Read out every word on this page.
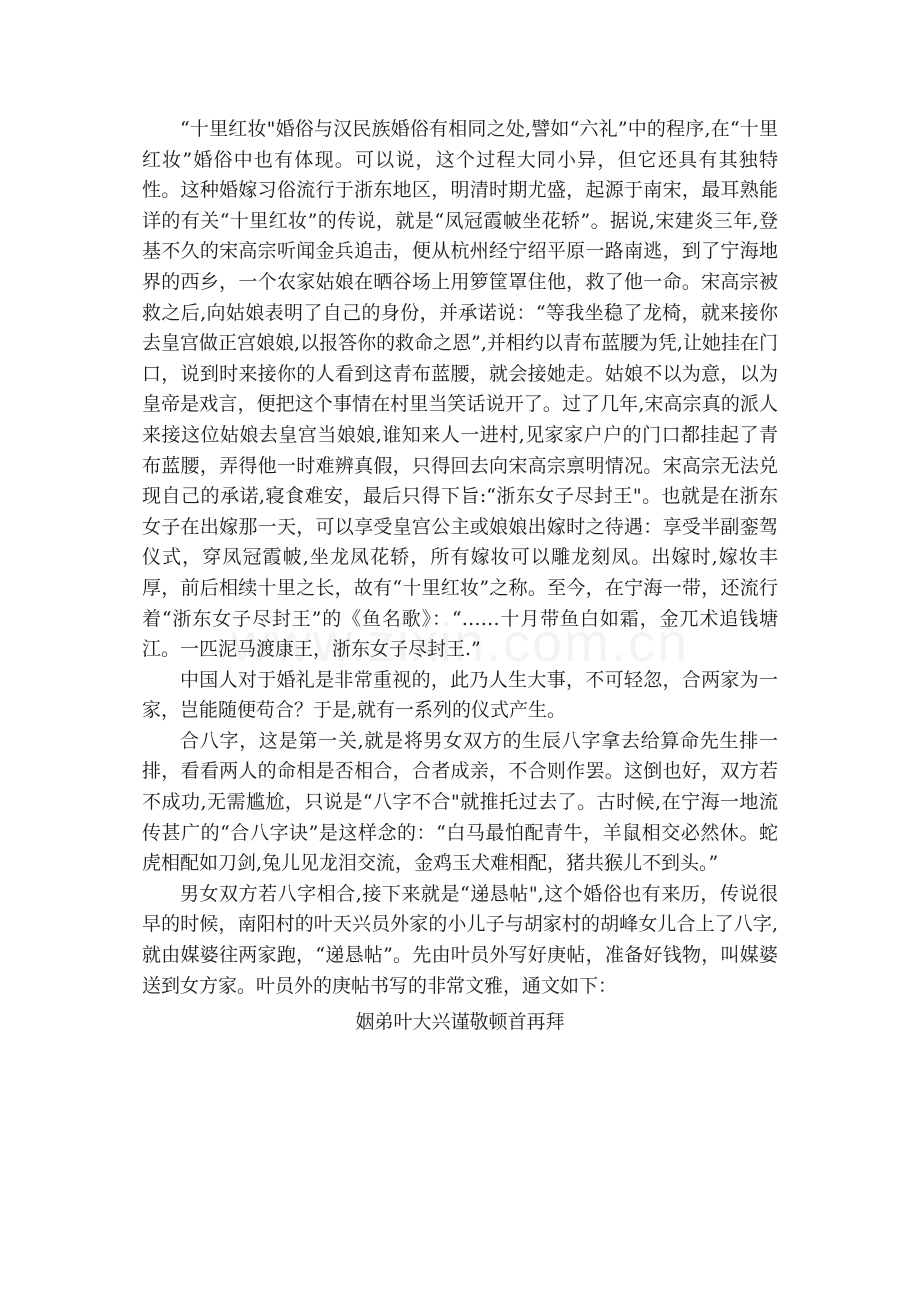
“十里红妆"婚俗与汉民族婚俗有相同之处,譬如“六礼”中的程序,在“十里红妆”婚俗中也有体现。可以说，这个过程大同小异，但它还具有其独特性。这种婚嫁习俗流行于浙东地区，明清时期尤盛，起源于南宋，最耳熟能详的有关“十里红妆”的传说，就是“凤冠霞帔坐花轿”。据说,宋建炎三年,登基不久的宋高宗听闻金兵追击，便从杭州经宁绍平原一路南逃，到了宁海地界的西乡，一个农家姑娘在晒谷场上用箩筐罩住他，救了他一命。宋高宗被救之后,向姑娘表明了自己的身份，并承诺说：“等我坐稳了龙椅，就来接你去皇宫做正宫娘娘,以报答你的救命之恩”,并相约以青布蓝腰为凭,让她挂在门口，说到时来接你的人看到这青布蓝腰，就会接她走。姑娘不以为意，以为皇帝是戏言，便把这个事情在村里当笑话说开了。过了几年,宋高宗真的派人来接这位姑娘去皇宫当娘娘,谁知来人一进村,见家家户户的门口都挂起了青布蓝腰，弄得他一时难辨真假，只得回去向宋高宗禀明情况。宋高宗无法兑现自己的承诺,寝食难安，最后只得下旨:“浙东女子尽封王"。也就是在浙东女子在出嫁那一天，可以享受皇宫公主或娘娘出嫁时之待遇：享受半副銮驾仪式，穿凤冠霞帔,坐龙凤花轿，所有嫁妆可以雕龙刻凤。出嫁时,嫁妆丰厚，前后相续十里之长，故有“十里红妆”之称。至今，在宁海一带，还流行着“浙东女子尽封王”的《鱼名歌》：“……十月带鱼白如霜，金兀术追钱塘江。一匹泥马渡康王，浙东女子尽封王.”

中国人对于婚礼是非常重视的，此乃人生大事，不可轻忽，合两家为一家，岂能随便苟合？于是,就有一系列的仪式产生。

合八字，这是第一关,就是将男女双方的生辰八字拿去给算命先生排一排，看看两人的命相是否相合，合者成亲，不合则作罢。这倒也好，双方若不成功,无需尴尬，只说是“八字不合"就推托过去了。古时候,在宁海一地流传甚广的“合八字诀”是这样念的：“白马最怕配青牛，羊鼠相交必然休。蛇虎相配如刀剑,兔儿见龙泪交流，金鸡玉犬难相配，猪共猴儿不到头。”

男女双方若八字相合,接下来就是“递恳帖",这个婚俗也有来历，传说很早的时候，南阳村的叶天兴员外家的小儿子与胡家村的胡峰女儿合上了八字,就由媒婆往两家跑，“递恳帖”。先由叶员外写好庚帖，准备好钱物，叫媒婆送到女方家。叶员外的庚帖书写的非常文雅，通文如下：

姻弟叶大兴谨敬顿首再拜
